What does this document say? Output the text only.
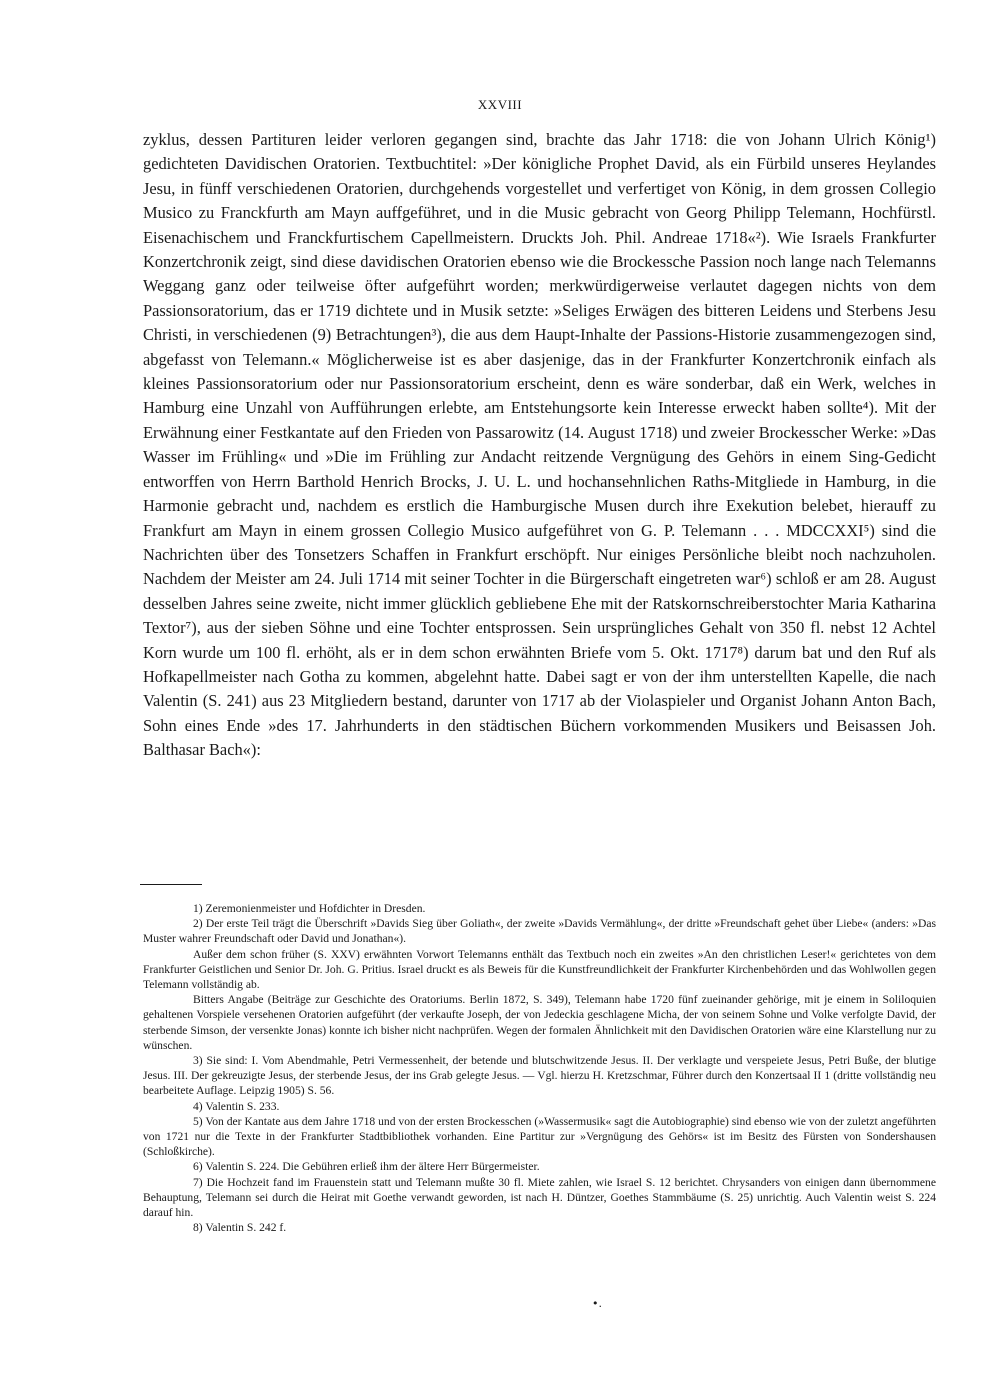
XXVIII

zyklus, dessen Partituren leider verloren gegangen sind, brachte das Jahr 1718: die von Johann Ulrich König¹) gedichteten Davidischen Oratorien. Textbuchtitel: »Der königliche Prophet David, als ein Fürbild unseres Heylandes Jesu, in fünff verschiedenen Oratorien, durchgehends vorgestellet und verfertiget von König, in dem grossen Collegio Musico zu Franckfurth am Mayn auffgeführet, und in die Music gebracht von Georg Philipp Telemann, Hochfürstl. Eisenachischem und Franckfurtischem Capellmeistern. Druckts Joh. Phil. Andreae 1718«²). Wie Israels Frankfurter Konzertchronik zeigt, sind diese davidischen Oratorien ebenso wie die Brockessche Passion noch lange nach Telemanns Weggang ganz oder teilweise öfter aufgeführt worden; merkwürdigerweise verlautet dagegen nichts von dem Passionsoratorium, das er 1719 dichtete und in Musik setzte: »Seliges Erwägen des bitteren Leidens und Sterbens Jesu Christi, in verschiedenen (9) Betrachtungen³), die aus dem Haupt-Inhalte der Passions-Historie zusammengezogen sind, abgefasst von Telemann.« Möglicherweise ist es aber dasjenige, das in der Frankfurter Konzertchronik einfach als kleines Passionsoratorium oder nur Passionsoratorium erscheint, denn es wäre sonderbar, daß ein Werk, welches in Hamburg eine Unzahl von Aufführungen erlebte, am Entstehungsorte kein Interesse erweckt haben sollte⁴). Mit der Erwähnung einer Festkantate auf den Frieden von Passarowitz (14. August 1718) und zweier Brockesscher Werke: »Das Wasser im Frühling« und »Die im Frühling zur Andacht reitzende Vergnügung des Gehörs in einem Sing-Gedicht entworffen von Herrn Barthold Henrich Brocks, J. U. L. und hochansehnlichen Raths-Mitgliede in Hamburg, in die Harmonie gebracht und, nachdem es erstlich die Hamburgische Musen durch ihre Exekution belebet, hierauff zu Frankfurt am Mayn in einem grossen Collegio Musico aufgeführet von G. P. Telemann . . . MDCCXXI⁵) sind die Nachrichten über des Tonsetzers Schaffen in Frankfurt erschöpft. Nur einiges Persönliche bleibt noch nachzuholen. Nachdem der Meister am 24. Juli 1714 mit seiner Tochter in die Bürgerschaft eingetreten war⁶) schloß er am 28. August desselben Jahres seine zweite, nicht immer glücklich gebliebene Ehe mit der Ratskornschreiberstochter Maria Katharina Textor⁷), aus der sieben Söhne und eine Tochter entsprossen. Sein ursprüngliches Gehalt von 350 fl. nebst 12 Achtel Korn wurde um 100 fl. erhöht, als er in dem schon erwähnten Briefe vom 5. Okt. 1717⁸) darum bat und den Ruf als Hofkapellmeister nach Gotha zu kommen, abgelehnt hatte. Dabei sagt er von der ihm unterstellten Kapelle, die nach Valentin (S. 241) aus 23 Mitgliedern bestand, darunter von 1717 ab der Violaspieler und Organist Johann Anton Bach, Sohn eines Ende »des 17. Jahrhunderts in den städtischen Büchern vorkommenden Musikers und Beisassen Joh. Balthasar Bach«):

1) Zeremonienmeister und Hofdichter in Dresden.

2) Der erste Teil trägt die Überschrift »Davids Sieg über Goliath«, der zweite »Davids Vermählung«, der dritte »Freundschaft gehet über Liebe« (anders: »Das Muster wahrer Freundschaft oder David und Jonathan«).

Außer dem schon früher (S. XXV) erwähnten Vorwort Telemanns enthält das Textbuch noch ein zweites »An den christlichen Leser!« gerichtetes von dem Frankfurter Geistlichen und Senior Dr. Joh. G. Pritius. Israel druckt es als Beweis für die Kunstfreundlichkeit der Frankfurter Kirchenbehörden und das Wohlwollen gegen Telemann vollständig ab.

Bitters Angabe (Beiträge zur Geschichte des Oratoriums. Berlin 1872, S. 349), Telemann habe 1720 fünf zueinander gehörige, mit je einem in Soliloquien gehaltenen Vorspiele versehenen Oratorien aufgeführt (der verkaufte Joseph, der von Jedeckia geschlagene Micha, der von seinem Sohne und Volke verfolgte David, der sterbende Simson, der versenkte Jonas) konnte ich bisher nicht nachprüfen. Wegen der formalen Ähnlichkeit mit den Davidischen Oratorien wäre eine Klarstellung nur zu wünschen.

3) Sie sind: I. Vom Abendmahle, Petri Vermessenheit, der betende und blutschwitzende Jesus. II. Der verklagte und verspeiete Jesus, Petri Buße, der blutige Jesus. III. Der gekreuzigte Jesus, der sterbende Jesus, der ins Grab gelegte Jesus. — Vgl. hierzu H. Kretzschmar, Führer durch den Konzertsaal II 1 (dritte vollständig neu bearbeitete Auflage. Leipzig 1905) S. 56.

4) Valentin S. 233.

5) Von der Kantate aus dem Jahre 1718 und von der ersten Brockesschen (»Wassermusik« sagt die Autobiographie) sind ebenso wie von der zuletzt angeführten von 1721 nur die Texte in der Frankfurter Stadtbibliothek vorhanden. Eine Partitur zur »Vergnügung des Gehörs« ist im Besitz des Fürsten von Sondershausen (Schloßkirche).

6) Valentin S. 224. Die Gebühren erließ ihm der ältere Herr Bürgermeister.

7) Die Hochzeit fand im Frauenstein statt und Telemann mußte 30 fl. Miete zahlen, wie Israel S. 12 berichtet. Chrysanders von einigen dann übernommene Behauptung, Telemann sei durch die Heirat mit Goethe verwandt geworden, ist nach H. Düntzer, Goethes Stammbäume (S. 25) unrichtig. Auch Valentin weist S. 224 darauf hin.

8) Valentin S. 242 f.

•.
